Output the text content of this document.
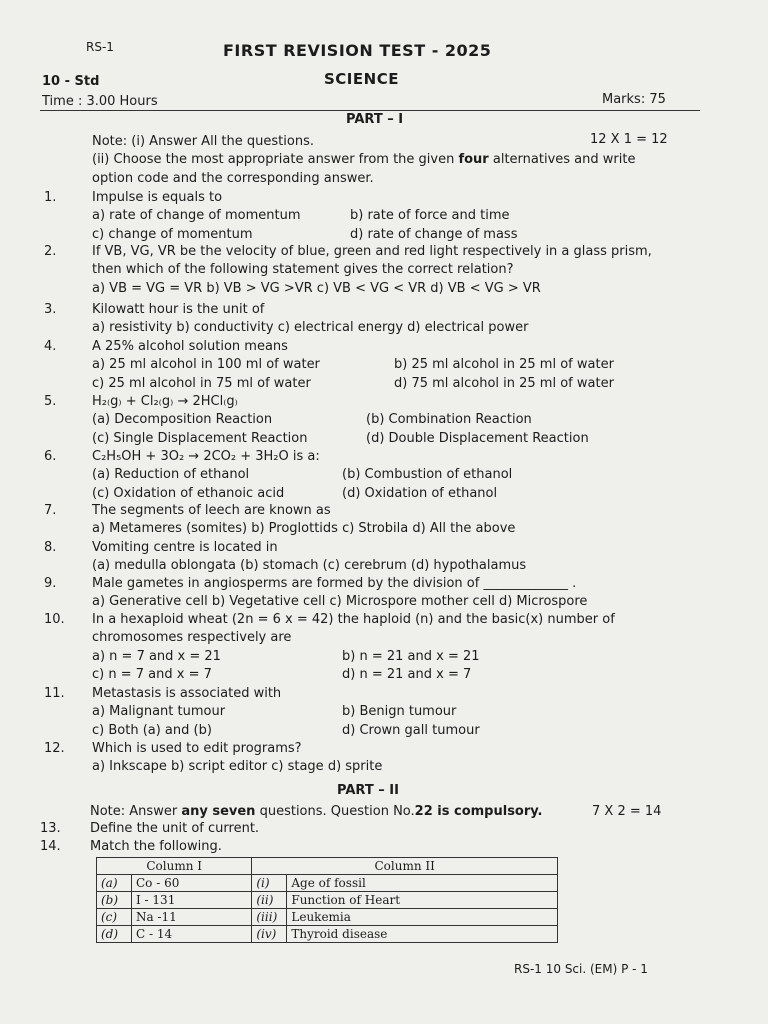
RS-1	FIRST REVISION TEST - 2025
10 - Std	SCIENCE
Time : 3.00 Hours	Marks: 75
PART – I
Note: (i) Answer All the questions.	12 X 1 = 12
(ii) Choose the most appropriate answer from the given four alternatives and write
option code and the corresponding answer.
1.	Impulse is equals to
a) rate of change of momentum	b) rate of force and time
c) change of momentum	d) rate of change of mass
2.	If VB, VG, VR be the velocity of blue, green and red light respectively in a glass prism,
then which of the following statement gives the correct relation?
a) VB = VG = VR b) VB > VG >VR c) VB < VG < VR d) VB < VG > VR
3.	Kilowatt hour is the unit of
a) resistivity b) conductivity c) electrical energy d) electrical power
4.	A 25% alcohol solution means
a) 25 ml alcohol in 100 ml of water	b) 25 ml alcohol in 25 ml of water
c) 25 ml alcohol in 75 ml of water	d) 75 ml alcohol in 25 ml of water
5.	H₂₍g₎ + Cl₂₍g₎ → 2HCl₍g₎
(a) Decomposition Reaction	(b) Combination Reaction
(c) Single Displacement Reaction	(d) Double Displacement Reaction
6.	C₂H₅OH + 3O₂ → 2CO₂ + 3H₂O is a:
(a) Reduction of ethanol	(b) Combustion of ethanol
(c) Oxidation of ethanoic acid	(d) Oxidation of ethanol
7.	The segments of leech are known as
a) Metameres (somites) b) Proglottids c) Strobila d) All the above
8.	Vomiting centre is located in
(a) medulla oblongata (b) stomach (c) cerebrum (d) hypothalamus
9.	Male gametes in angiosperms are formed by the division of _____________ .
a) Generative cell b) Vegetative cell c) Microspore mother cell d) Microspore
10. In a hexaploid wheat (2n = 6 x = 42) the haploid (n) and the basic(x) number of
chromosomes respectively are
a) n = 7 and x = 21	b) n = 21 and x = 21
c) n = 7 and x = 7	d) n = 21 and x = 7
11. Metastasis is associated with
a) Malignant tumour	b) Benign tumour
c) Both (a) and (b)	d) Crown gall tumour
12. Which is used to edit programs?
a) Inkscape b) script editor c) stage d) sprite
PART – II
Note: Answer any seven questions. Question No.22 is compulsory.	7 X 2 = 14
13. Define the unit of current.
14. Match the following.
Column I		Column II	
(a)	Co - 60	(i)	Age of fossil
(b)	I - 131	(ii)	Function of Heart
(c)	Na -11	(iii)	Leukemia
(d)	C - 14	(iv)	Thyroid disease
RS-1 10 Sci. (EM) P - 1
